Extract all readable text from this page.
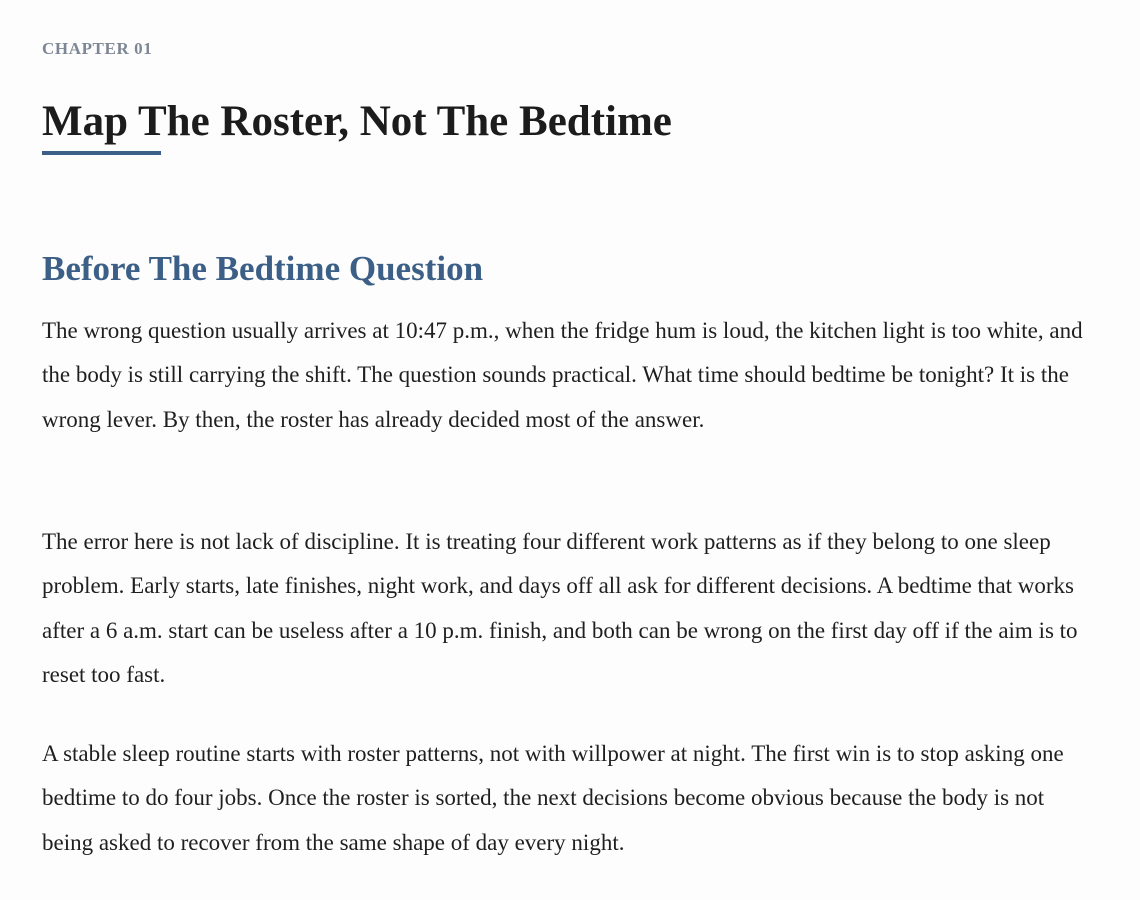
CHAPTER 01
Map The Roster, Not The Bedtime
Before The Bedtime Question

The wrong question usually arrives at 10:47 p.m., when the fridge hum is loud, the kitchen light is too white, and the body is still carrying the shift. The question sounds practical. What time should bedtime be tonight? It is the wrong lever. By then, the roster has already decided most of the answer.

The error here is not lack of discipline. It is treating four different work patterns as if they belong to one sleep problem. Early starts, late finishes, night work, and days off all ask for different decisions. A bedtime that works after a 6 a.m. start can be useless after a 10 p.m. finish, and both can be wrong on the first day off if the aim is to reset too fast.

A stable sleep routine starts with roster patterns, not with willpower at night. The first win is to stop asking one bedtime to do four jobs. Once the roster is sorted, the next decisions become obvious because the body is not being asked to recover from the same shape of day every night.
